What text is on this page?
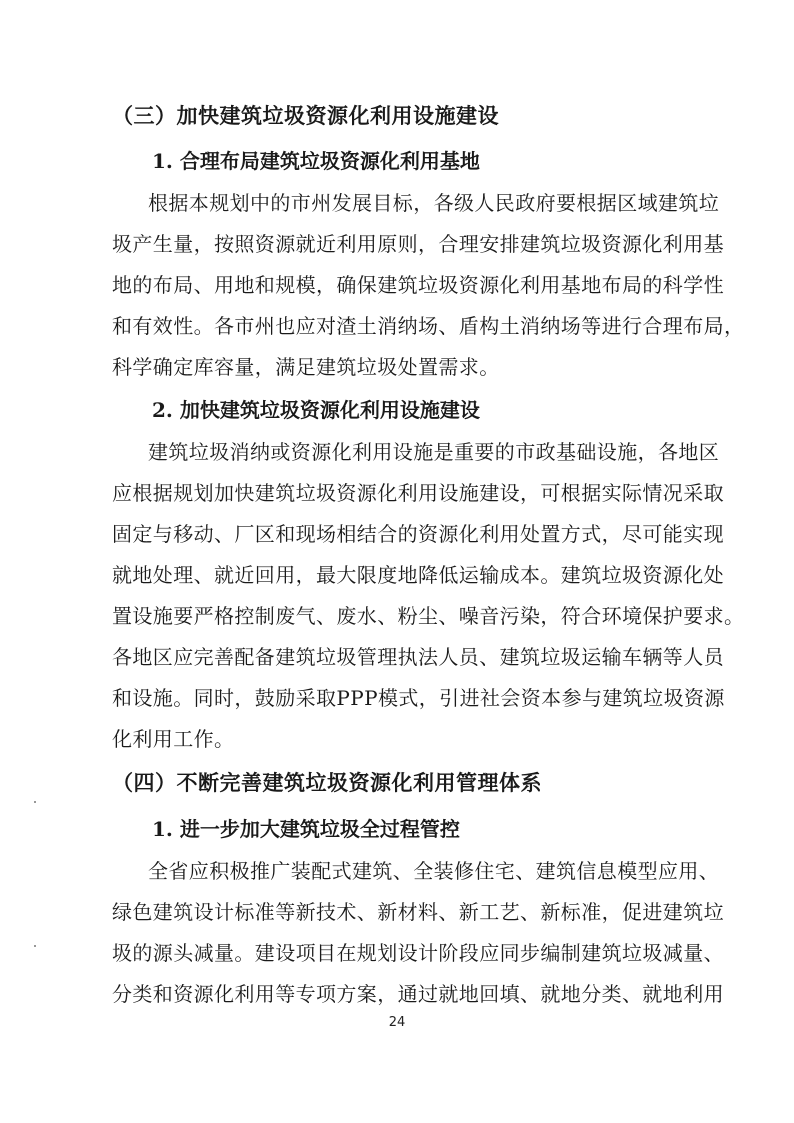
（三）加快建筑垃圾资源化利用设施建设
1. 合理布局建筑垃圾资源化利用基地
根据本规划中的市州发展目标，各级人民政府要根据区域建筑垃
圾产生量，按照资源就近利用原则，合理安排建筑垃圾资源化利用基
地的布局、用地和规模，确保建筑垃圾资源化利用基地布局的科学性
和有效性。各市州也应对渣土消纳场、盾构土消纳场等进行合理布局，
科学确定库容量，满足建筑垃圾处置需求。
2. 加快建筑垃圾资源化利用设施建设
建筑垃圾消纳或资源化利用设施是重要的市政基础设施，各地区
应根据规划加快建筑垃圾资源化利用设施建设，可根据实际情况采取
固定与移动、厂区和现场相结合的资源化利用处置方式，尽可能实现
就地处理、就近回用，最大限度地降低运输成本。建筑垃圾资源化处
置设施要严格控制废气、废水、粉尘、噪音污染，符合环境保护要求。
各地区应完善配备建筑垃圾管理执法人员、建筑垃圾运输车辆等人员
和设施。同时，鼓励采取PPP模式，引进社会资本参与建筑垃圾资源
化利用工作。
（四）不断完善建筑垃圾资源化利用管理体系
1. 进一步加大建筑垃圾全过程管控
全省应积极推广装配式建筑、全装修住宅、建筑信息模型应用、
绿色建筑设计标准等新技术、新材料、新工艺、新标准，促进建筑垃
圾的源头减量。建设项目在规划设计阶段应同步编制建筑垃圾减量、
分类和资源化利用等专项方案，通过就地回填、就地分类、就地利用
24
